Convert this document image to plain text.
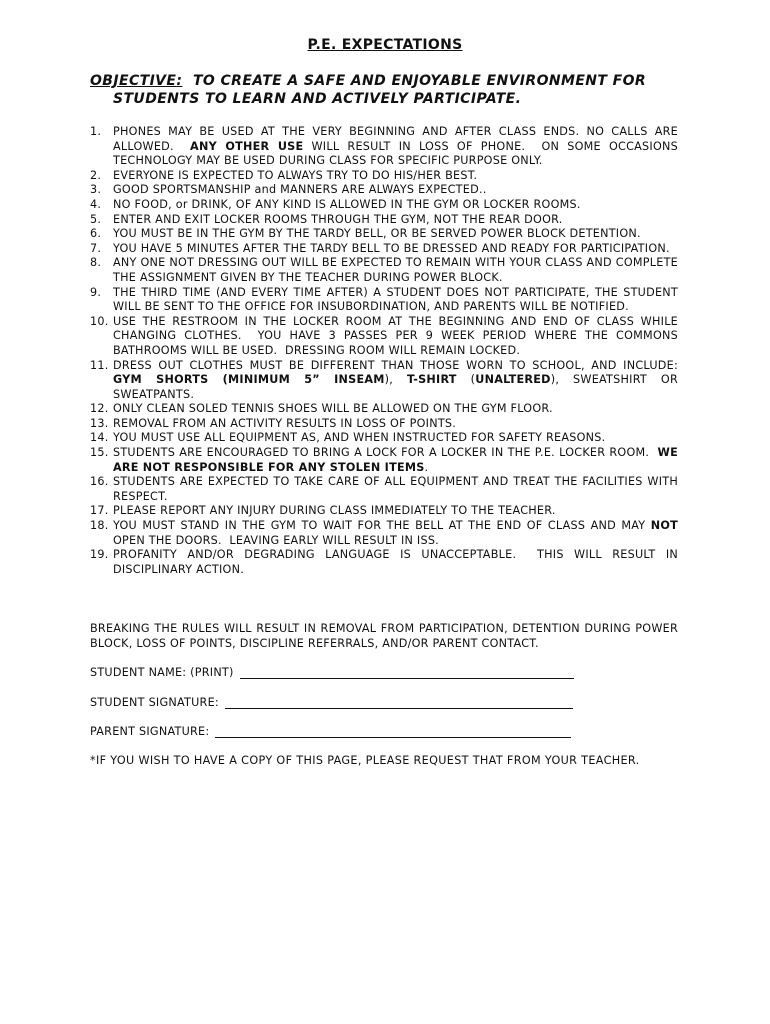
P.E. EXPECTATIONS
OBJECTIVE: TO CREATE A SAFE AND ENJOYABLE ENVIRONMENT FOR
STUDENTS TO LEARN AND ACTIVELY PARTICIPATE.
1. PHONES MAY BE USED AT THE VERY BEGINNING AND AFTER CLASS ENDS. NO CALLS ARE ALLOWED.  ANY OTHER USE WILL RESULT IN LOSS OF PHONE.  ON SOME OCCASIONS TECHNOLOGY MAY BE USED DURING CLASS FOR SPECIFIC PURPOSE ONLY.
2. EVERYONE IS EXPECTED TO ALWAYS TRY TO DO HIS/HER BEST.
3. GOOD SPORTSMANSHIP and MANNERS ARE ALWAYS EXPECTED..
4. NO FOOD, or DRINK, OF ANY KIND IS ALLOWED IN THE GYM OR LOCKER ROOMS.
5. ENTER AND EXIT LOCKER ROOMS THROUGH THE GYM, NOT THE REAR DOOR.
6. YOU MUST BE IN THE GYM BY THE TARDY BELL, OR BE SERVED POWER BLOCK DETENTION.
7. YOU HAVE 5 MINUTES AFTER THE TARDY BELL TO BE DRESSED AND READY FOR PARTICIPATION.
8. ANY ONE NOT DRESSING OUT WILL BE EXPECTED TO REMAIN WITH YOUR CLASS AND COMPLETE THE ASSIGNMENT GIVEN BY THE TEACHER DURING POWER BLOCK.
9. THE THIRD TIME (AND EVERY TIME AFTER) A STUDENT DOES NOT PARTICIPATE, THE STUDENT WILL BE SENT TO THE OFFICE FOR INSUBORDINATION, AND PARENTS WILL BE NOTIFIED.
10. USE THE RESTROOM IN THE LOCKER ROOM AT THE BEGINNING AND END OF CLASS WHILE CHANGING CLOTHES.  YOU HAVE 3 PASSES PER 9 WEEK PERIOD WHERE THE COMMONS BATHROOMS WILL BE USED.  DRESSING ROOM WILL REMAIN LOCKED.
11. DRESS OUT CLOTHES MUST BE DIFFERENT THAN THOSE WORN TO SCHOOL, AND INCLUDE: GYM SHORTS (MINIMUM 5” INSEAM), T-SHIRT (UNALTERED), SWEATSHIRT OR SWEATPANTS.
12. ONLY CLEAN SOLED TENNIS SHOES WILL BE ALLOWED ON THE GYM FLOOR.
13. REMOVAL FROM AN ACTIVITY RESULTS IN LOSS OF POINTS.
14. YOU MUST USE ALL EQUIPMENT AS, AND WHEN INSTRUCTED FOR SAFETY REASONS.
15. STUDENTS ARE ENCOURAGED TO BRING A LOCK FOR A LOCKER IN THE P.E. LOCKER ROOM.  WE ARE NOT RESPONSIBLE FOR ANY STOLEN ITEMS.
16. STUDENTS ARE EXPECTED TO TAKE CARE OF ALL EQUIPMENT AND TREAT THE FACILITIES WITH RESPECT.
17. PLEASE REPORT ANY INJURY DURING CLASS IMMEDIATELY TO THE TEACHER.
18. YOU MUST STAND IN THE GYM TO WAIT FOR THE BELL AT THE END OF CLASS AND MAY NOT OPEN THE DOORS.  LEAVING EARLY WILL RESULT IN ISS.
19. PROFANITY AND/OR DEGRADING LANGUAGE IS UNACCEPTABLE.  THIS WILL RESULT IN DISCIPLINARY ACTION.
BREAKING THE RULES WILL RESULT IN REMOVAL FROM PARTICIPATION, DETENTION DURING POWER BLOCK, LOSS OF POINTS, DISCIPLINE REFERRALS, AND/OR PARENT CONTACT.
STUDENT NAME: (PRINT)
STUDENT SIGNATURE:
PARENT SIGNATURE:
*IF YOU WISH TO HAVE A COPY OF THIS PAGE, PLEASE REQUEST THAT FROM YOUR TEACHER.
